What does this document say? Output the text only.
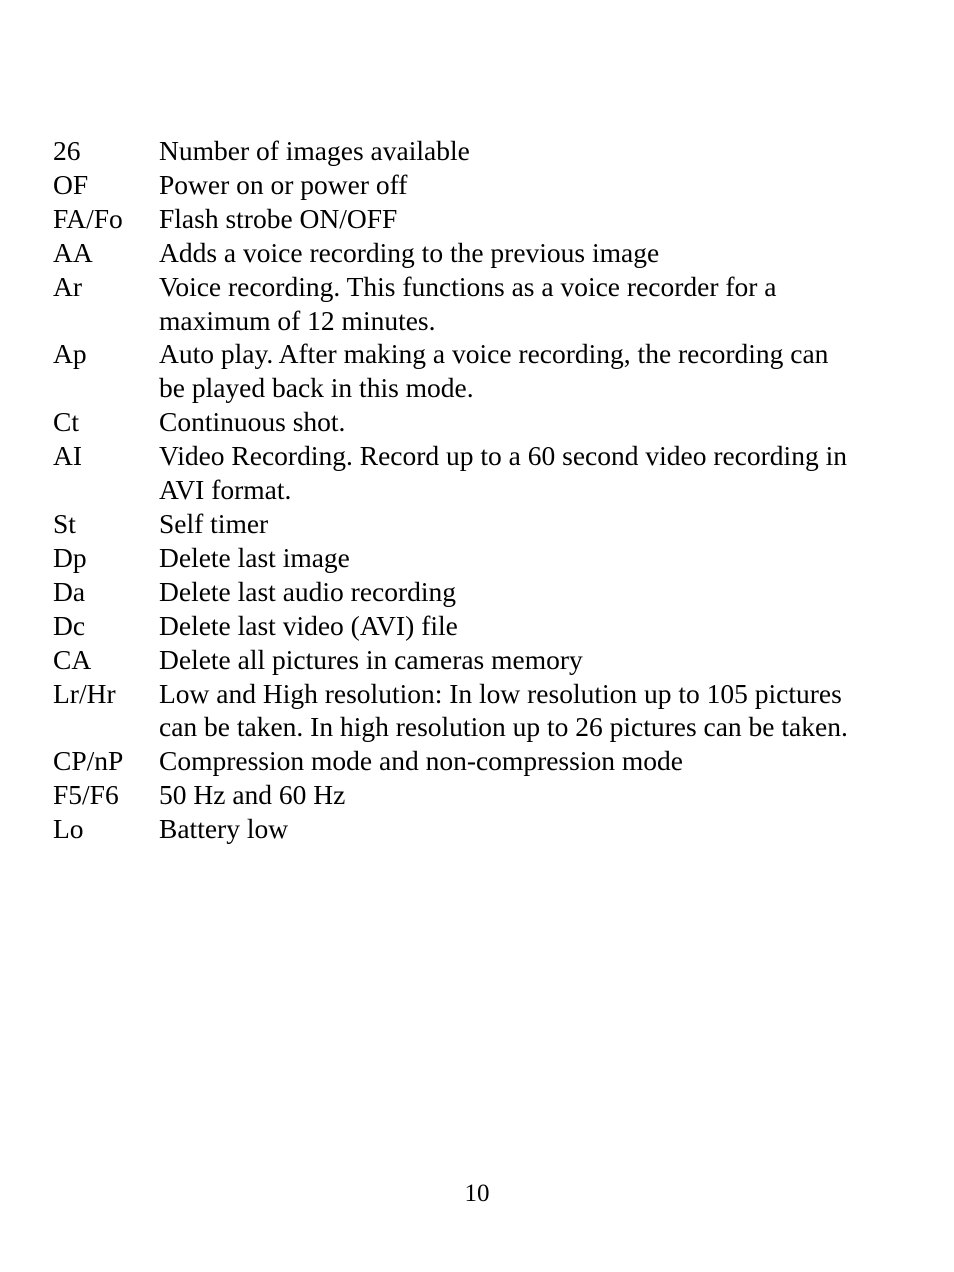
26	Number of images available
OF	Power on or power off
FA/Fo	Flash strobe ON/OFF
AA	Adds a voice recording to the previous image
Ar	Voice recording. This functions as a voice recorder for a
maximum of 12 minutes.
Ap	Auto play. After making a voice recording, the recording can
be played back in this mode.
Ct	Continuous shot.
AI	Video Recording. Record up to a 60 second video recording in
AVI format.
St	Self timer
Dp	Delete last image
Da	Delete last audio recording
Dc	Delete last video (AVI) file
CA	Delete all pictures in cameras memory
Lr/Hr	Low and High resolution: In low resolution up to 105 pictures
can be taken. In high resolution up to 26 pictures can be taken.
CP/nP	Compression mode and non-compression mode
F5/F6	50 Hz and 60 Hz
Lo	Battery low
10
